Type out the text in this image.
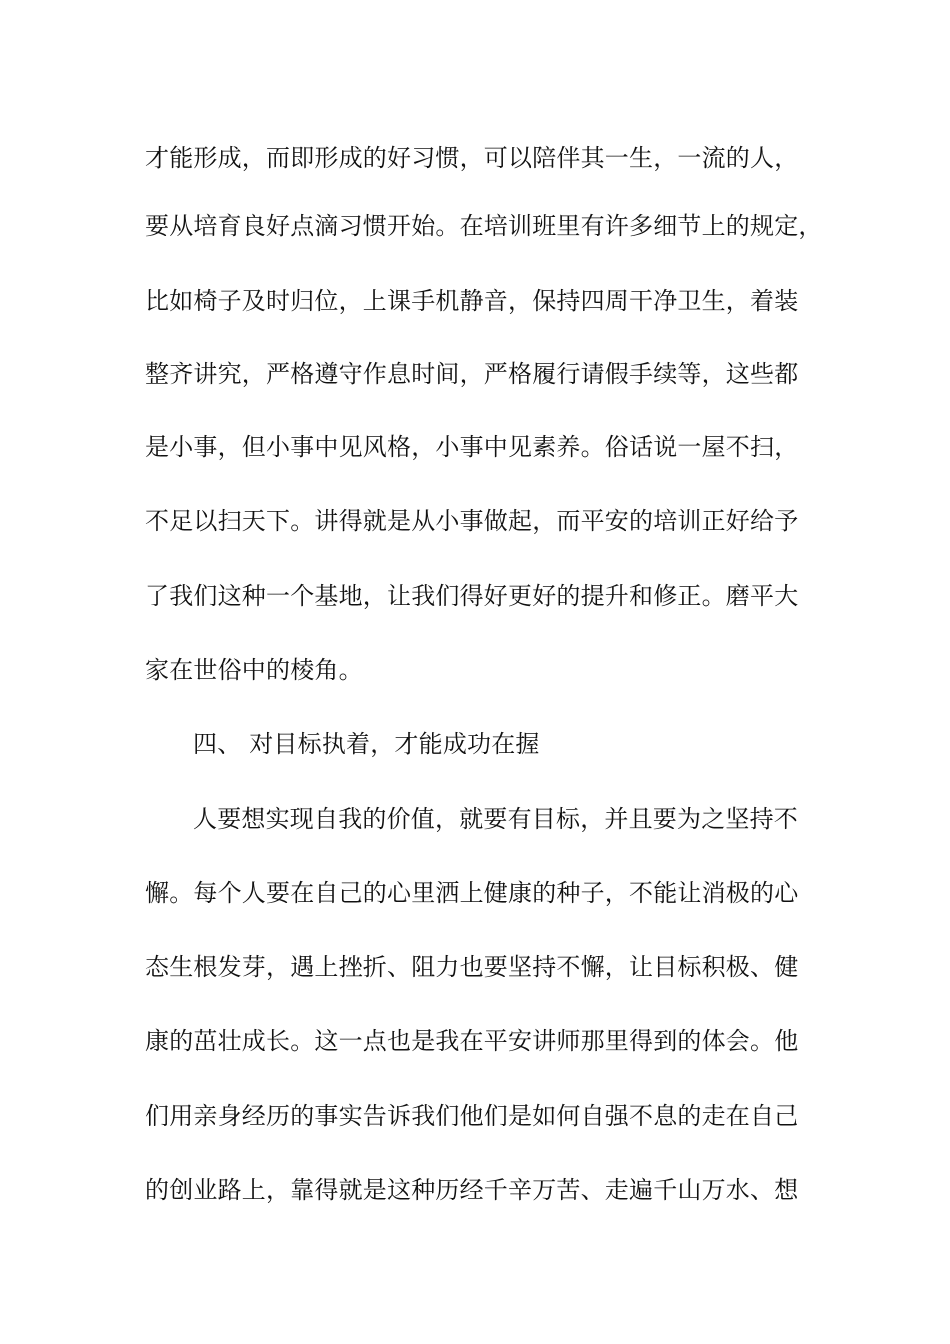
才能形成，而即形成的好习惯，可以陪伴其一生，一流的人，
要从培育良好点滴习惯开始。在培训班里有许多细节上的规定，
比如椅子及时归位，上课手机静音，保持四周干净卫生，着装
整齐讲究，严格遵守作息时间，严格履行请假手续等，这些都
是小事，但小事中见风格，小事中见素养。俗话说一屋不扫，
不足以扫天下。讲得就是从小事做起，而平安的培训正好给予
了我们这种一个基地，让我们得好更好的提升和修正。磨平大
家在世俗中的棱角。
四、 对目标执着，才能成功在握
人要想实现自我的价值，就要有目标，并且要为之坚持不
懈。每个人要在自己的心里洒上健康的种子，不能让消极的心
态生根发芽，遇上挫折、阻力也要坚持不懈，让目标积极、健
康的茁壮成长。这一点也是我在平安讲师那里得到的体会。他
们用亲身经历的事实告诉我们他们是如何自强不息的走在自己
的创业路上，靠得就是这种历经千辛万苦、走遍千山万水、想
